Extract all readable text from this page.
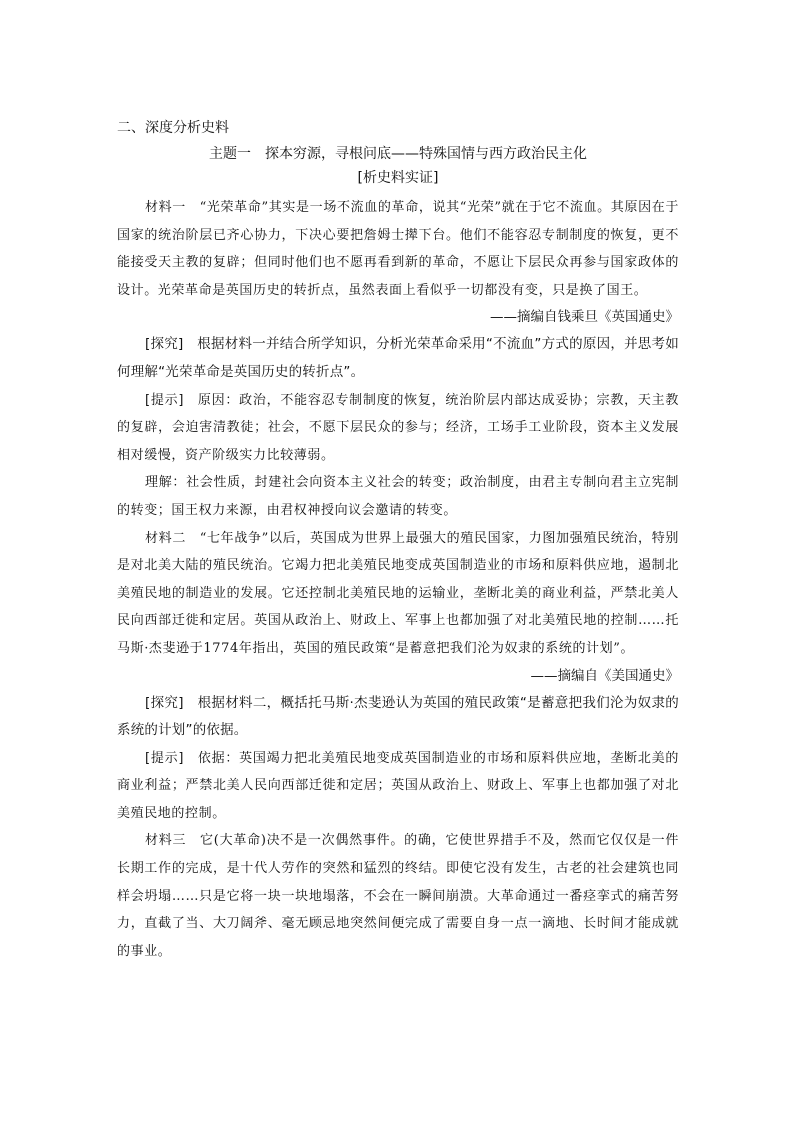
二、深度分析史料
主题一　探本穷源，寻根问底——特殊国情与西方政治民主化
[析史料实证]

材料一　 “光荣革命”其实是一场不流血的革命，说其“光荣”就在于它不流血。其原因在于国家的统治阶层已齐心协力，下决心要把詹姆士撵下台。他们不能容忍专制制度的恢复，更不能接受天主教的复辟；但同时他们也不愿再看到新的革命，不愿让下层民众再参与国家政体的设计。光荣革命是英国历史的转折点，虽然表面上看似乎一切都没有变，只是换了国王。

——摘编自钱乘旦《英国通史》

[探究]　 根据材料一并结合所学知识，分析光荣革命采用“不流血”方式的原因，并思考如何理解“光荣革命是英国历史的转折点”。

[提示]　 原因：政治，不能容忍专制制度的恢复，统治阶层内部达成妥协；宗教，天主教的复辟，会迫害清教徒；社会，不愿下层民众的参与；经济，工场手工业阶段，资本主义发展相对缓慢，资产阶级实力比较薄弱。

理解：社会性质，封建社会向资本主义社会的转变；政治制度，由君主专制向君主立宪制的转变；国王权力来源，由君权神授向议会邀请的转变。

材料二　 “七年战争”以后，英国成为世界上最强大的殖民国家，力图加强殖民统治，特别是对北美大陆的殖民统治。它竭力把北美殖民地变成英国制造业的市场和原料供应地，遏制北美殖民地的制造业的发展。它还控制北美殖民地的运输业，垄断北美的商业利益，严禁北美人民向西部迁徙和定居。英国从政治上、财政上、军事上也都加强了对北美殖民地的控制……托马斯·杰斐逊于1774年指出，英国的殖民政策“是蓄意把我们沦为奴隶的系统的计划”。

——摘编自《美国通史》

[探究]　 根据材料二，概括托马斯·杰斐逊认为英国的殖民政策“是蓄意把我们沦为奴隶的系统的计划”的依据。

[提示]　 依据：英国竭力把北美殖民地变成英国制造业的市场和原料供应地，垄断北美的商业利益；严禁北美人民向西部迁徙和定居；英国从政治上、财政上、军事上也都加强了对北美殖民地的控制。

材料三　 它(大革命)决不是一次偶然事件。的确，它使世界措手不及，然而它仅仅是一件长期工作的完成，是十代人劳作的突然和猛烈的终结。即使它没有发生，古老的社会建筑也同样会坍塌……只是它将一块一块地塌落，不会在一瞬间崩溃。大革命通过一番痉挛式的痛苦努力，直截了当、大刀阔斧、毫无顾忌地突然间便完成了需要自身一点一滴地、长时间才能成就的事业。
